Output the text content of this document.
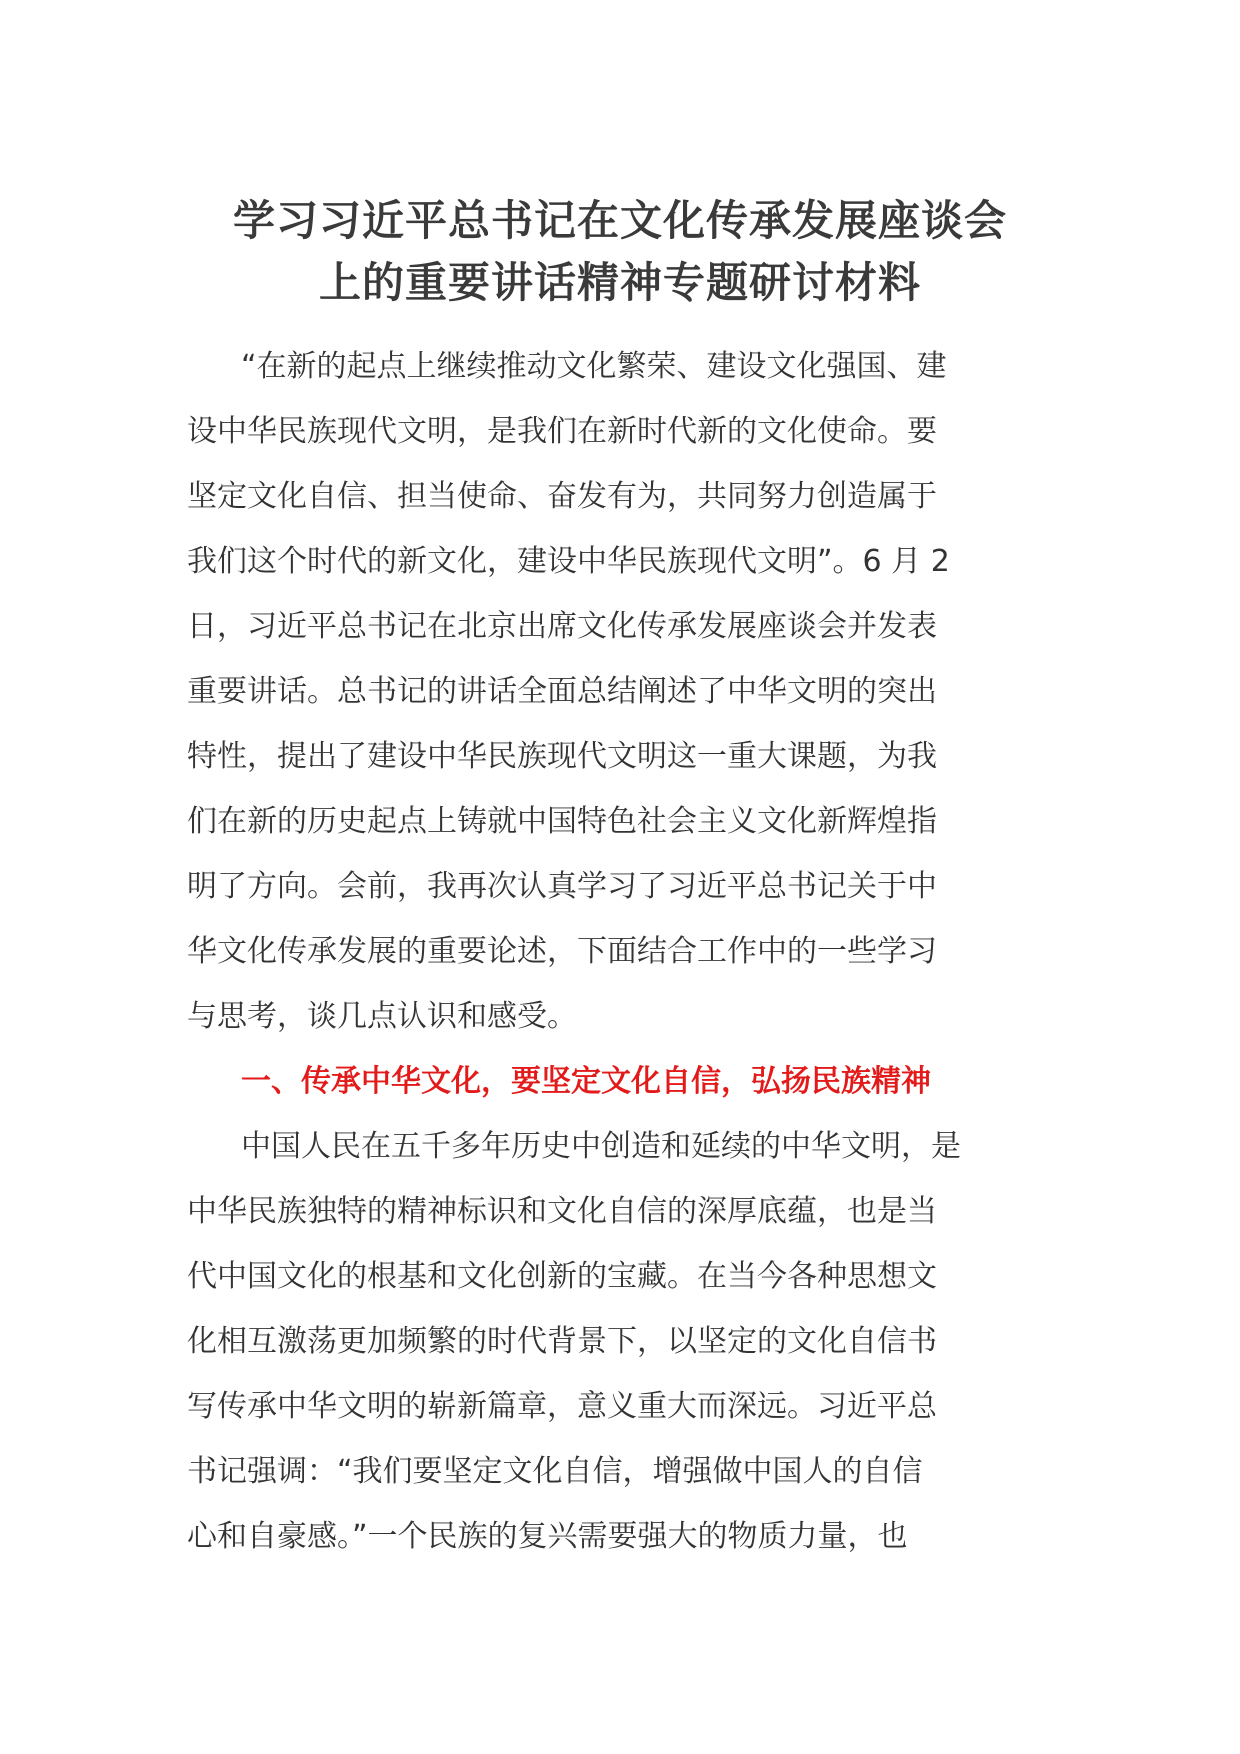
学习习近平总书记在文化传承发展座谈会
上的重要讲话精神专题研讨材料
“在新的起点上继续推动文化繁荣、建设文化强国、建
设中华民族现代文明，是我们在新时代新的文化使命。要
坚定文化自信、担当使命、奋发有为，共同努力创造属于
我们这个时代的新文化，建设中华民族现代文明”。6 月 2
日，习近平总书记在北京出席文化传承发展座谈会并发表
重要讲话。总书记的讲话全面总结阐述了中华文明的突出
特性，提出了建设中华民族现代文明这一重大课题，为我
们在新的历史起点上铸就中国特色社会主义文化新辉煌指
明了方向。会前，我再次认真学习了习近平总书记关于中
华文化传承发展的重要论述，下面结合工作中的一些学习
与思考，谈几点认识和感受。
一、传承中华文化，要坚定文化自信，弘扬民族精神
中国人民在五千多年历史中创造和延续的中华文明，是
中华民族独特的精神标识和文化自信的深厚底蕴，也是当
代中国文化的根基和文化创新的宝藏。在当今各种思想文
化相互激荡更加频繁的时代背景下，以坚定的文化自信书
写传承中华文明的崭新篇章，意义重大而深远。习近平总
书记强调：“我们要坚定文化自信，增强做中国人的自信
心和自豪感。”一个民族的复兴需要强大的物质力量，也
